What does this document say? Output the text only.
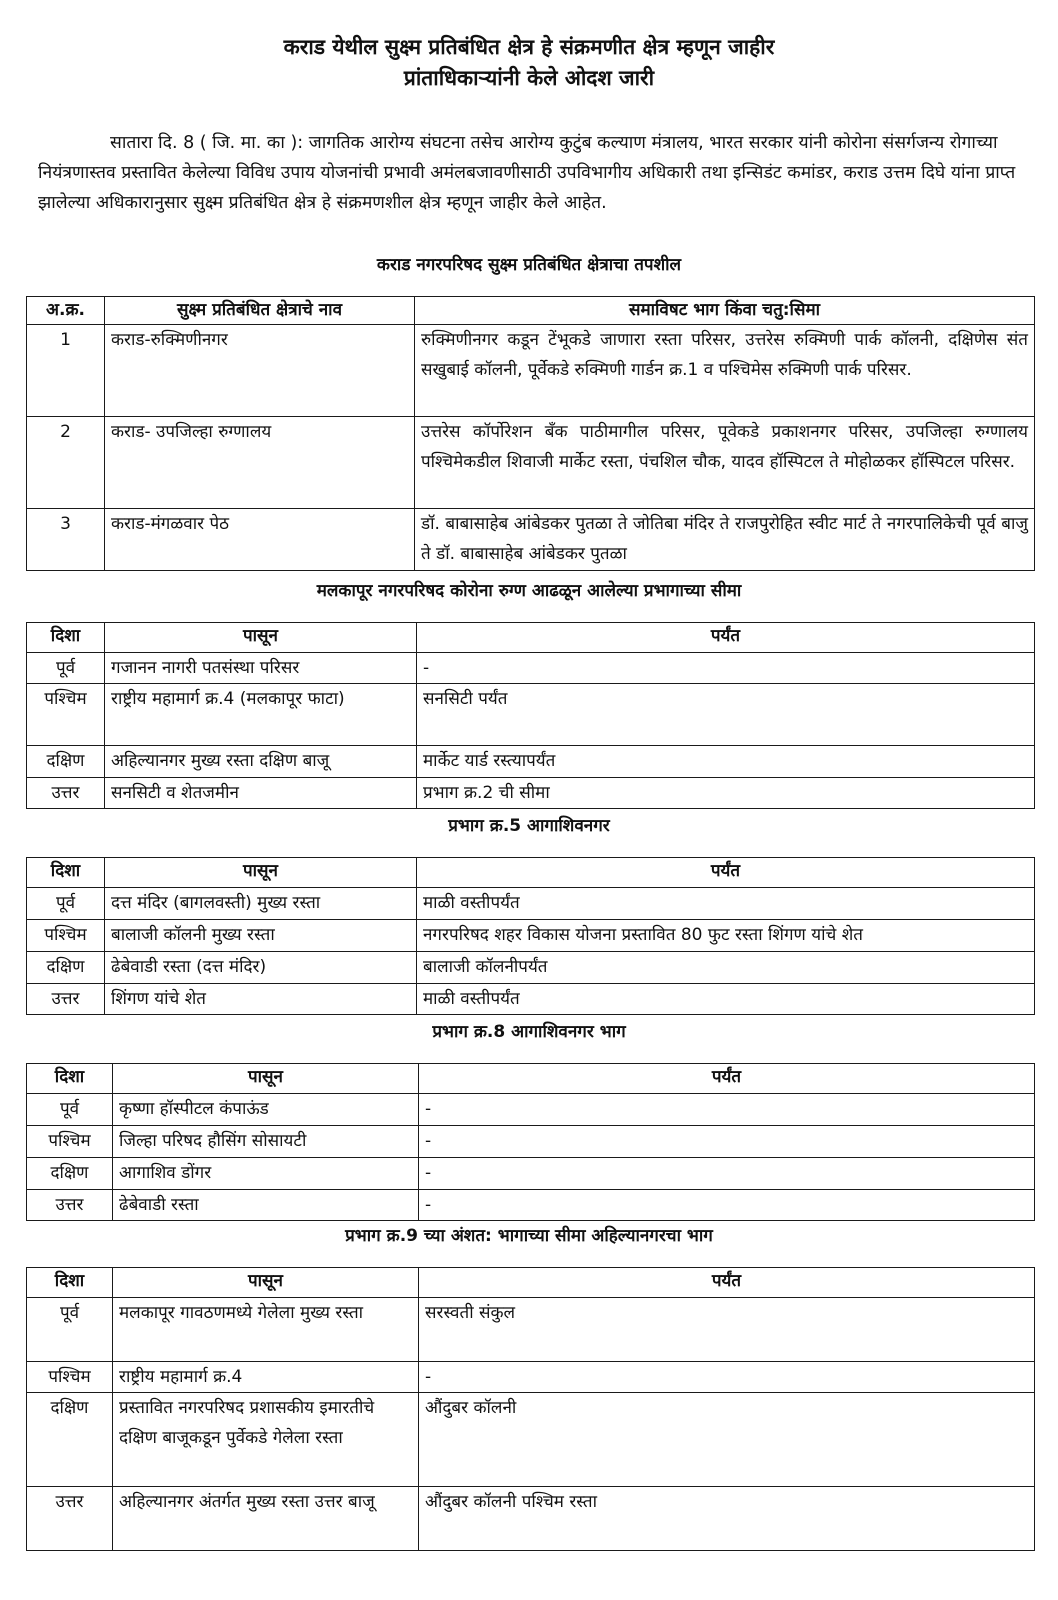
कराड येथील सुक्ष्म प्रतिबंधित क्षेत्र हे संक्रमणीत क्षेत्र म्हणून जाहीर
प्रांताधिकाऱ्यांनी केले ओदश जारी

सातारा दि. 8 ( जि. मा. का ): जागतिक आरोग्य संघटना तसेच आरोग्य कुटुंब कल्याण मंत्रालय, भारत सरकार यांनी कोरोना संसर्गजन्य रोगाच्या नियंत्रणास्तव प्रस्तावित केलेल्या विविध उपाय योजनांची प्रभावी अमंलबजावणीसाठी उपविभागीय अधिकारी तथा इन्सिडंट कमांडर, कराड उत्तम दिघे यांना प्राप्त झालेल्या अधिकारानुसार सुक्ष्म प्रतिबंधित क्षेत्र हे संक्रमणशील क्षेत्र म्हणून जाहीर केले आहेत.

कराड नगरपरिषद सुक्ष्म प्रतिबंधित क्षेत्राचा तपशील
अ.क्र.	सुक्ष्म प्रतिबंधित क्षेत्राचे नाव	समाविषट भाग किंवा चतु:सिमा
1	कराड-रुक्मिणीनगर	रुक्मिणीनगर कडून टेंभूकडे जाणारा रस्ता परिसर, उत्तरेस रुक्मिणी पार्क कॉलनी, दक्षिणेस संत सखुबाई कॉलनी, पूर्वेकडे रुक्मिणी गार्डन क्र.1 व पश्चिमेस रुक्मिणी पार्क परिसर.
2	कराड- उपजिल्हा रुग्णालय	उत्तरेस कॉर्पोरेशन बँक पाठीमागील परिसर, पूवेकडे प्रकाशनगर परिसर, उपजिल्हा रुग्णालय पश्चिमेकडील शिवाजी मार्केट रस्ता, पंचशिल चौक, यादव हॉस्पिटल ते मोहोळकर हॉस्पिटल परिसर.
3	कराड-मंगळवार पेठ	डॉ. बाबासाहेब आंबेडकर पुतळा ते जोतिबा मंदिर ते राजपुरोहित स्वीट मार्ट ते नगरपालिकेची पूर्व बाजु ते डॉ. बाबासाहेब आंबेडकर पुतळा
मलकापूर नगरपरिषद कोरोना रुग्ण आढळून आलेल्या प्रभागाच्या सीमा
दिशा	पासून	पर्यंत
पूर्व	गजानन नागरी पतसंस्था परिसर	-
पश्चिम	राष्ट्रीय महामार्ग क्र.4 (मलकापूर फाटा)	सनसिटी पर्यंत
दक्षिण	अहिल्यानगर मुख्य रस्ता दक्षिण बाजू	मार्केट यार्ड रस्त्यापर्यंत
उत्तर	सनसिटी व शेतजमीन	प्रभाग क्र.2 ची सीमा
प्रभाग क्र.5 आगाशिवनगर
दिशा	पासून	पर्यंत
पूर्व	दत्त मंदिर (बागलवस्ती) मुख्य रस्ता	माळी वस्तीपर्यंत
पश्चिम	बालाजी कॉलनी मुख्य रस्ता	नगरपरिषद शहर विकास योजना प्रस्तावित 80 फुट रस्ता शिंगण यांचे शेत
दक्षिण	ढेबेवाडी रस्ता (दत्त मंदिर)	बालाजी कॉलनीपर्यंत
उत्तर	शिंगण यांचे शेत	माळी वस्तीपर्यंत
प्रभाग क्र.8 आगाशिवनगर भाग
दिशा	पासून	पर्यंत
पूर्व	कृष्णा हॉस्पीटल कंपाऊंड	-
पश्चिम	जिल्हा परिषद हौसिंग सोसायटी	-
दक्षिण	आगाशिव डोंगर	-
उत्तर	ढेबेवाडी रस्ता	-
प्रभाग क्र.9 च्या अंशत: भागाच्या सीमा अहिल्यानगरचा भाग
दिशा	पासून	पर्यंत
पूर्व	मलकापूर गावठणमध्ये गेलेला मुख्य रस्ता	सरस्वती संकुल
पश्चिम	राष्ट्रीय महामार्ग क्र.4	-
दक्षिण	प्रस्तावित नगरपरिषद प्रशासकीय इमारतीचे दक्षिण बाजूकडून पुर्वेकडे गेलेला रस्ता	औंदुबर कॉलनी
उत्तर	अहिल्यानगर अंतर्गत मुख्य रस्ता उत्तर बाजू	औंदुबर कॉलनी पश्चिम रस्ता
